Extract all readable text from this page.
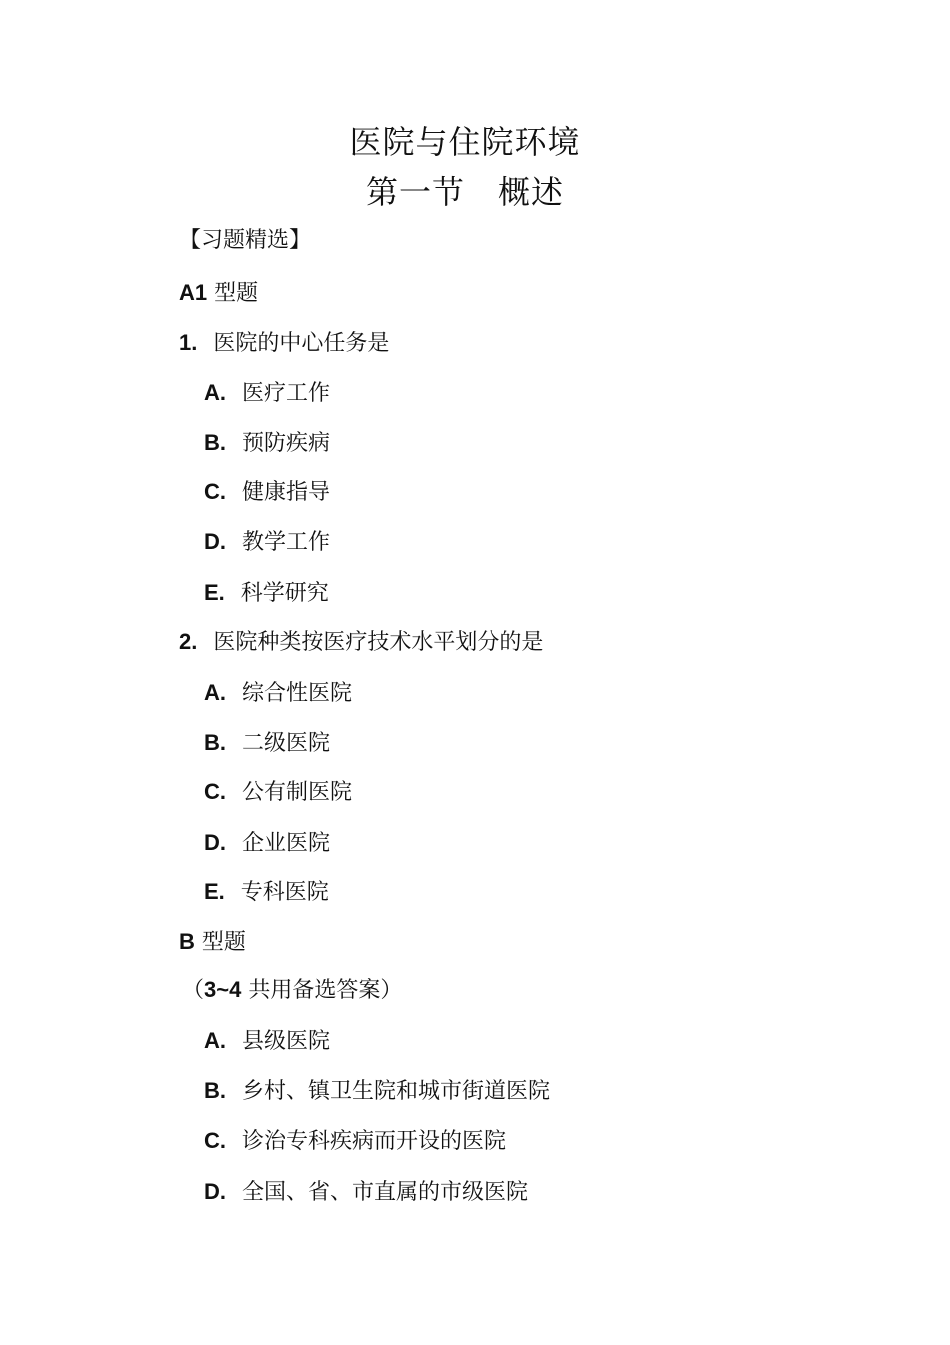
医院与住院环境
第一节　概述
【习题精选】
A1 型题
1. 医院的中心任务是
A. 医疗工作
B. 预防疾病
C. 健康指导
D. 教学工作
E. 科学研究
2. 医院种类按医疗技术水平划分的是
A. 综合性医院
B. 二级医院
C. 公有制医院
D. 企业医院
E. 专科医院
B 型题
（3~4 共用备选答案）
A. 县级医院
B. 乡村、镇卫生院和城市街道医院
C. 诊治专科疾病而开设的医院
D. 全国、省、市直属的市级医院
